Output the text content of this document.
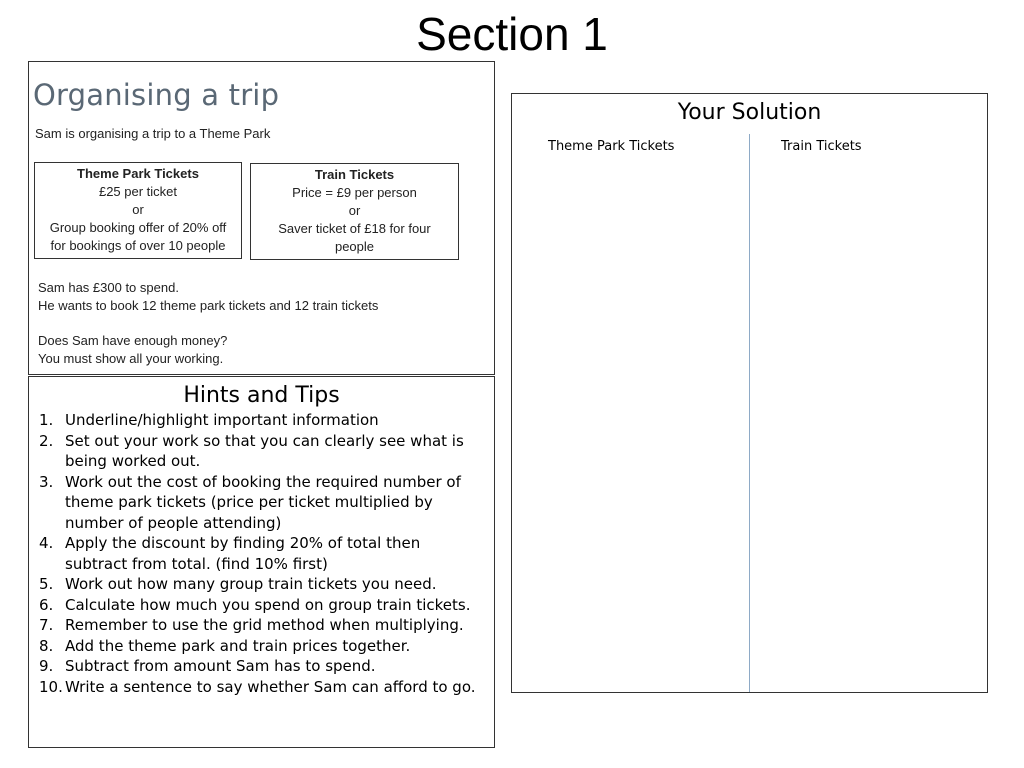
Section 1
Organising a trip
Sam is organising a trip to a Theme Park
Theme Park Tickets
£25 per ticket
or
Group booking offer of 20% off
for bookings of over 10 people
Train Tickets
Price = £9 per person
or
Saver ticket of £18 for four
people
Sam has £300 to spend.
He wants to book 12 theme park tickets and 12 train tickets
Does Sam have enough money?
You must show all your working.
Hints and Tips
1. Underline/highlight important information
2. Set out your work so that you can clearly see what is being worked out.
3. Work out the cost of booking the required number of theme park tickets (price per ticket multiplied by number of people attending)
4. Apply the discount by finding 20% of total then subtract from total. (find 10% first)
5. Work out how many group train tickets you need.
6. Calculate how much you spend on group train tickets.
7. Remember to use the grid method when multiplying.
8. Add the theme park and train prices together.
9. Subtract from amount Sam has to spend.
10. Write a sentence to say whether Sam can afford to go.
Your Solution
Theme Park Tickets	Train Tickets
